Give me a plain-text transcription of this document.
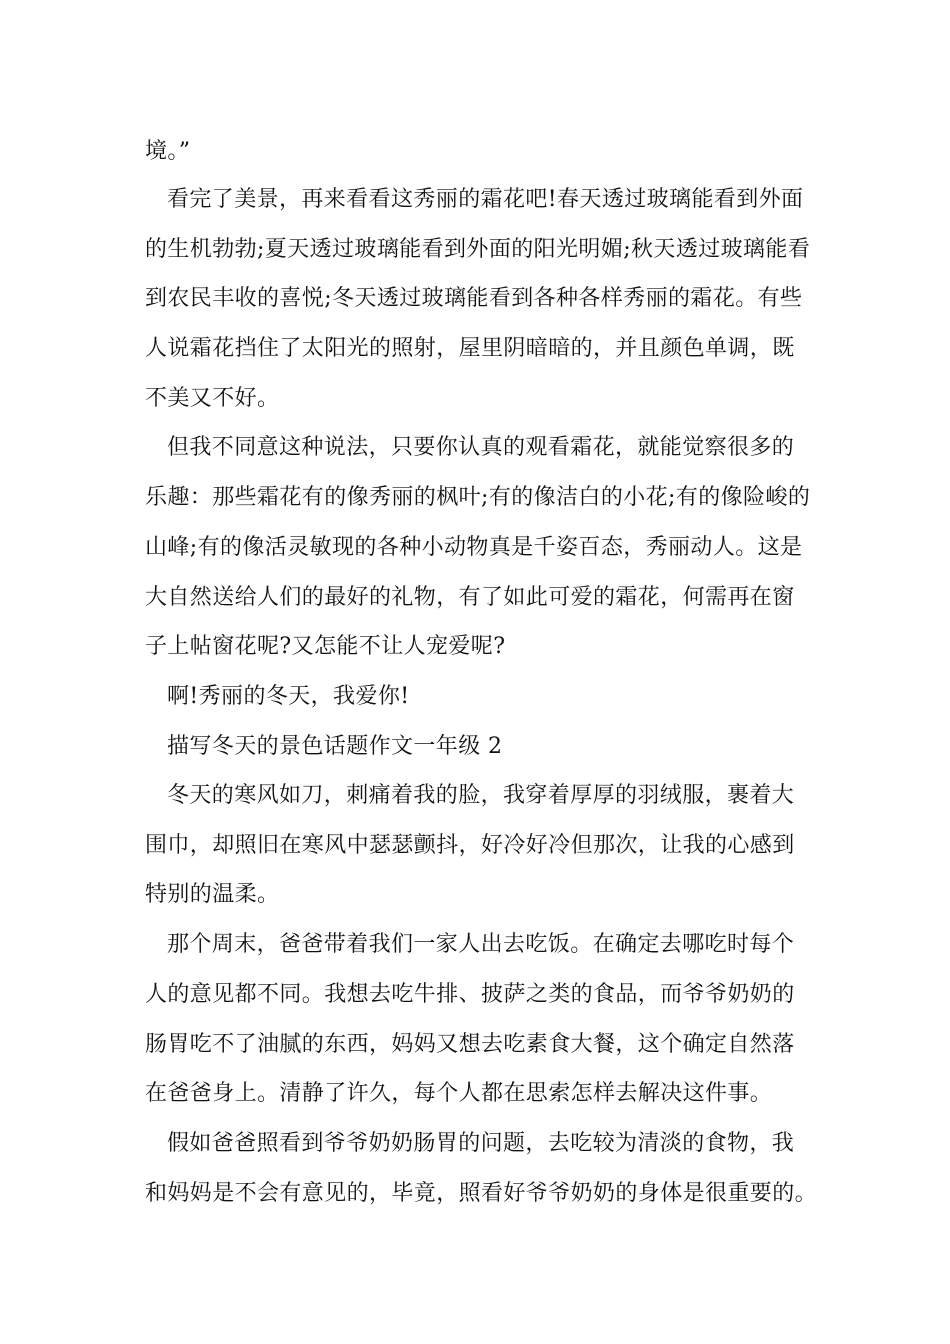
境。”
看完了美景，再来看看这秀丽的霜花吧!春天透过玻璃能看到外面
的生机勃勃;夏天透过玻璃能看到外面的阳光明媚;秋天透过玻璃能看
到农民丰收的喜悦;冬天透过玻璃能看到各种各样秀丽的霜花。有些
人说霜花挡住了太阳光的照射，屋里阴暗暗的，并且颜色单调，既
不美又不好。
但我不同意这种说法，只要你认真的观看霜花，就能觉察很多的
乐趣：那些霜花有的像秀丽的枫叶;有的像洁白的小花;有的像险峻的
山峰;有的像活灵敏现的各种小动物真是千姿百态，秀丽动人。这是
大自然送给人们的最好的礼物，有了如此可爱的霜花，何需再在窗
子上帖窗花呢?又怎能不让人宠爱呢?
啊!秀丽的冬天，我爱你!
描写冬天的景色话题作文一年级 2
冬天的寒风如刀，刺痛着我的脸，我穿着厚厚的羽绒服，裹着大
围巾，却照旧在寒风中瑟瑟颤抖，好冷好冷但那次，让我的心感到
特别的温柔。
那个周末，爸爸带着我们一家人出去吃饭。在确定去哪吃时每个
人的意见都不同。我想去吃牛排、披萨之类的食品，而爷爷奶奶的
肠胃吃不了油腻的东西，妈妈又想去吃素食大餐，这个确定自然落
在爸爸身上。清静了许久，每个人都在思索怎样去解决这件事。
假如爸爸照看到爷爷奶奶肠胃的问题，去吃较为清淡的食物，我
和妈妈是不会有意见的，毕竟，照看好爷爷奶奶的身体是很重要的。
